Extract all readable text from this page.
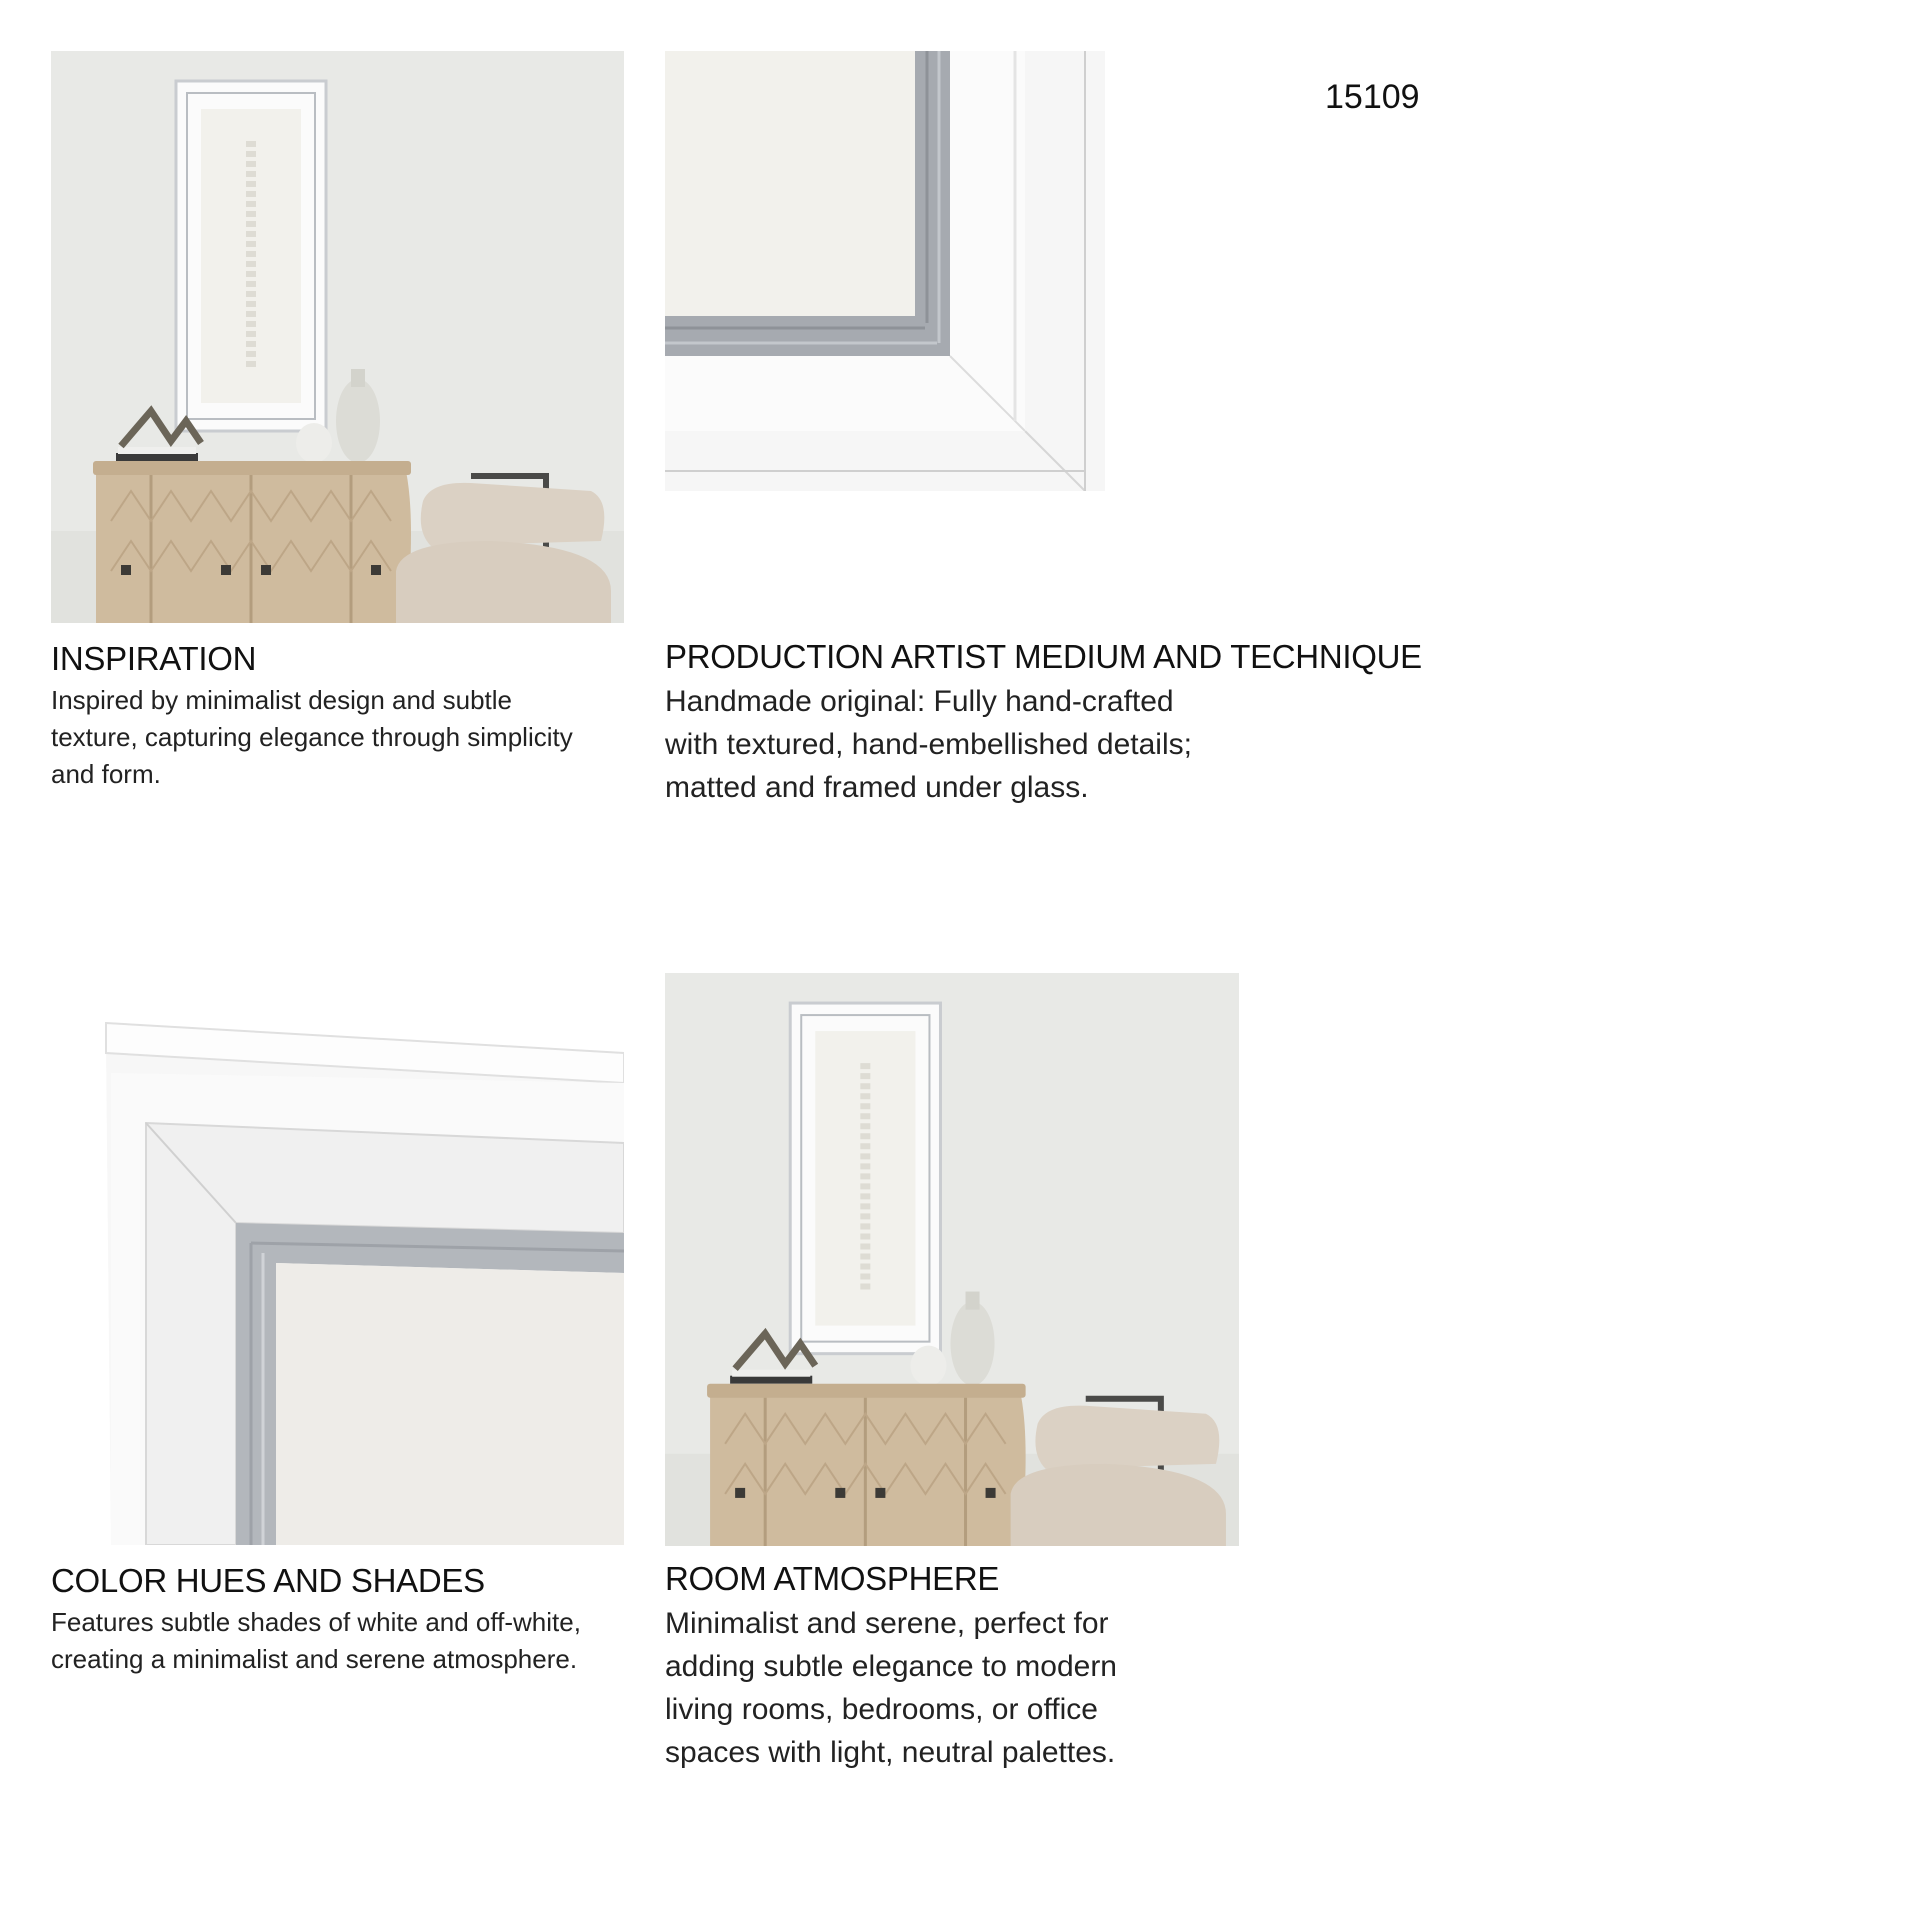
15109
INSPIRATION

Inspired by minimalist design and subtle
texture, capturing elegance through simplicity
and form.

PRODUCTION ARTIST MEDIUM AND TECHNIQUE

Handmade original: Fully hand-crafted
with textured, hand-embellished details;
matted and framed under glass.

COLOR HUES AND SHADES

Features subtle shades of white and off-white,
creating a minimalist and serene atmosphere.

ROOM ATMOSPHERE

Minimalist and serene, perfect for
adding subtle elegance to modern
living rooms, bedrooms, or office
spaces with light, neutral palettes.
